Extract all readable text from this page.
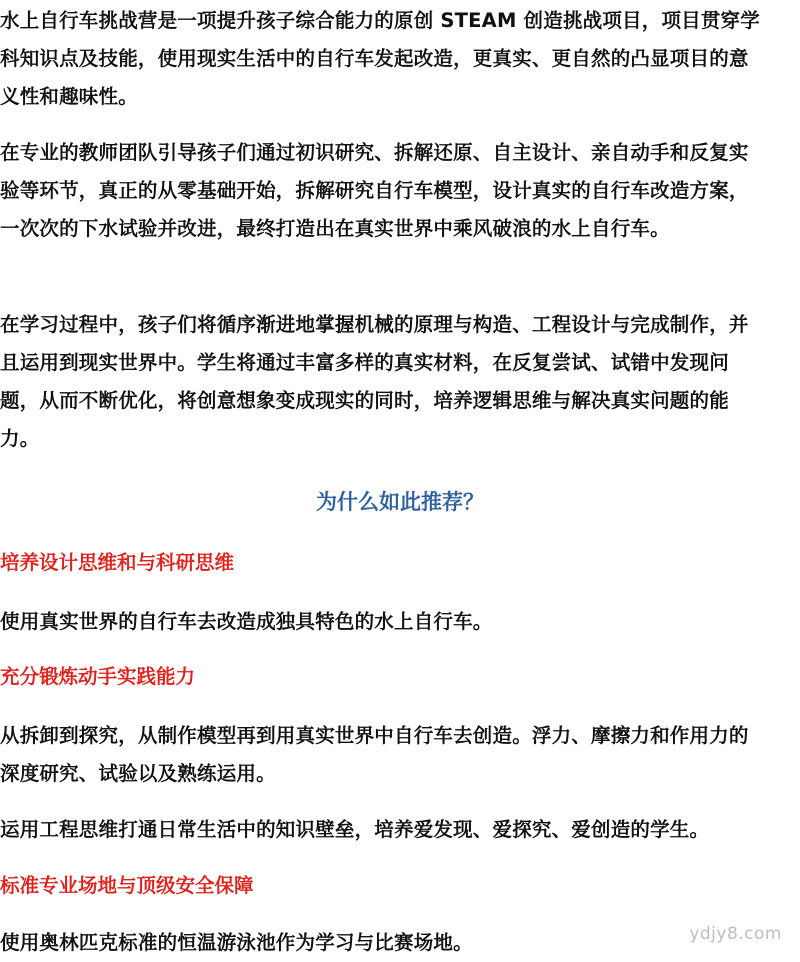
水上自行车挑战营是一项提升孩子综合能力的原创 STEAM 创造挑战项目，项目贯穿学科知识点及技能，使用现实生活中的自行车发起改造，更真实、更自然的凸显项目的意义性和趣味性。

在专业的教师团队引导孩子们通过初识研究、拆解还原、自主设计、亲自动手和反复实验等环节，真正的从零基础开始，拆解研究自行车模型，设计真实的自行车改造方案，一次次的下水试验并改进，最终打造出在真实世界中乘风破浪的水上自行车。

在学习过程中，孩子们将循序渐进地掌握机械的原理与构造、工程设计与完成制作，并且运用到现实世界中。学生将通过丰富多样的真实材料，在反复尝试、试错中发现问题，从而不断优化，将创意想象变成现实的同时，培养逻辑思维与解决真实问题的能力。

为什么如此推荐？
培养设计思维和与科研思维

使用真实世界的自行车去改造成独具特色的水上自行车。

充分锻炼动手实践能力

从拆卸到探究，从制作模型再到用真实世界中自行车去创造。浮力、摩擦力和作用力的深度研究、试验以及熟练运用。

运用工程思维打通日常生活中的知识壁垒，培养爱发现、爱探究、爱创造的学生。

标准专业场地与顶级安全保障

使用奥林匹克标准的恒温游泳池作为学习与比赛场地。	ydjy8.com
